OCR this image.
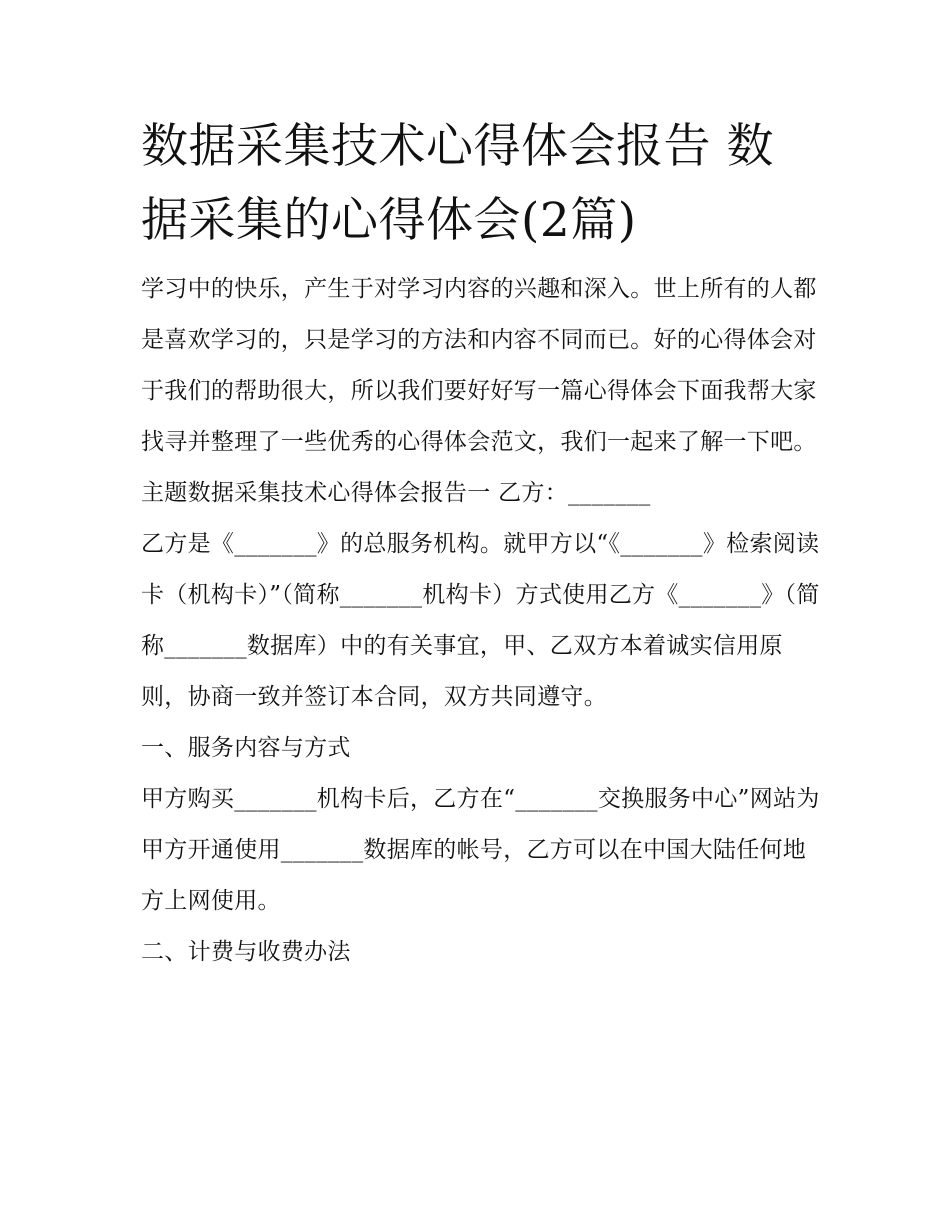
数据采集技术心得体会报告 数据采集的心得体会(2篇)

学习中的快乐，产生于对学习内容的兴趣和深入。世上所有的人都是喜欢学习的，只是学习的方法和内容不同而已。好的心得体会对于我们的帮助很大，所以我们要好好写一篇心得体会下面我帮大家找寻并整理了一些优秀的心得体会范文，我们一起来了解一下吧。

主题数据采集技术心得体会报告一 乙方：_______

乙方是《_______》的总服务机构。就甲方以“《_______》检索阅读卡（机构卡）”（简称_______机构卡）方式使用乙方《_______》（简称_______数据库）中的有关事宜，甲、乙双方本着诚实信用原则，协商一致并签订本合同，双方共同遵守。

一、服务内容与方式

甲方购买_______机构卡后，乙方在“_______交换服务中心”网站为甲方开通使用_______数据库的帐号，乙方可以在中国大陆任何地方上网使用。

二、计费与收费办法
